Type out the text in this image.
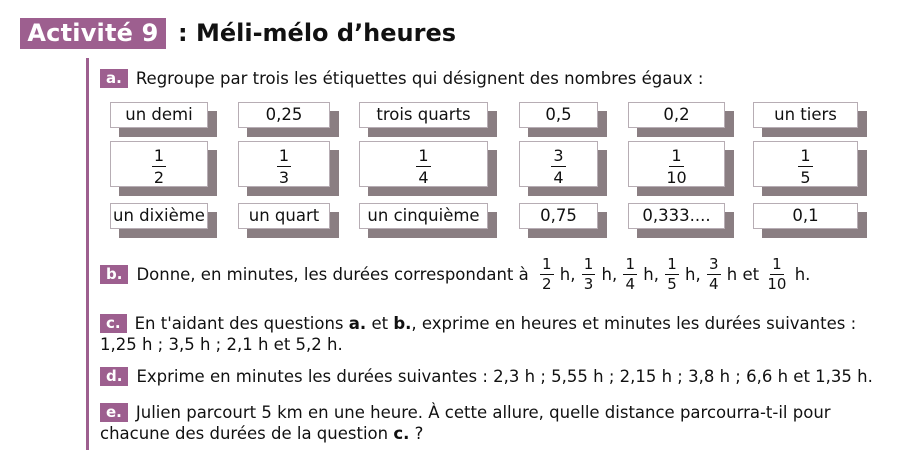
Activité 9 : Méli-mélo d’heures
a. Regroupe par trois les étiquettes qui désignent des nombres égaux :
un demi	0,25	trois quarts	0,5	0,2	un tiers
$\frac{1}{2}$	$\frac{1}{3}$	$\frac{1}{4}$	$\frac{3}{4}$	$\frac{1}{10}$	$\frac{1}{5}$
un dixième	un quart	un cinquième	0,75	0,333....	0,1
b. Donne, en minutes, les durées correspondant à
$\frac{1}{2}$
h,
$\frac{1}{3}$
h,
$\frac{1}{4}$
h,
$\frac{1}{5}$
h,
$\frac{3}{4}$
h et
$\frac{1}{10}$
h.
c. En t'aidant des questions a. et b., exprime en heures et minutes les durées suivantes :
1,25 h ; 3,5 h ; 2,1 h et 5,2 h.
d. Exprime en minutes les durées suivantes : 2,3 h ; 5,55 h ; 2,15 h ; 3,8 h ; 6,6 h et 1,35 h.
e. Julien parcourt 5 km en une heure. À cette allure, quelle distance parcourra-t-il pour
chacune des durées de la question c. ?
